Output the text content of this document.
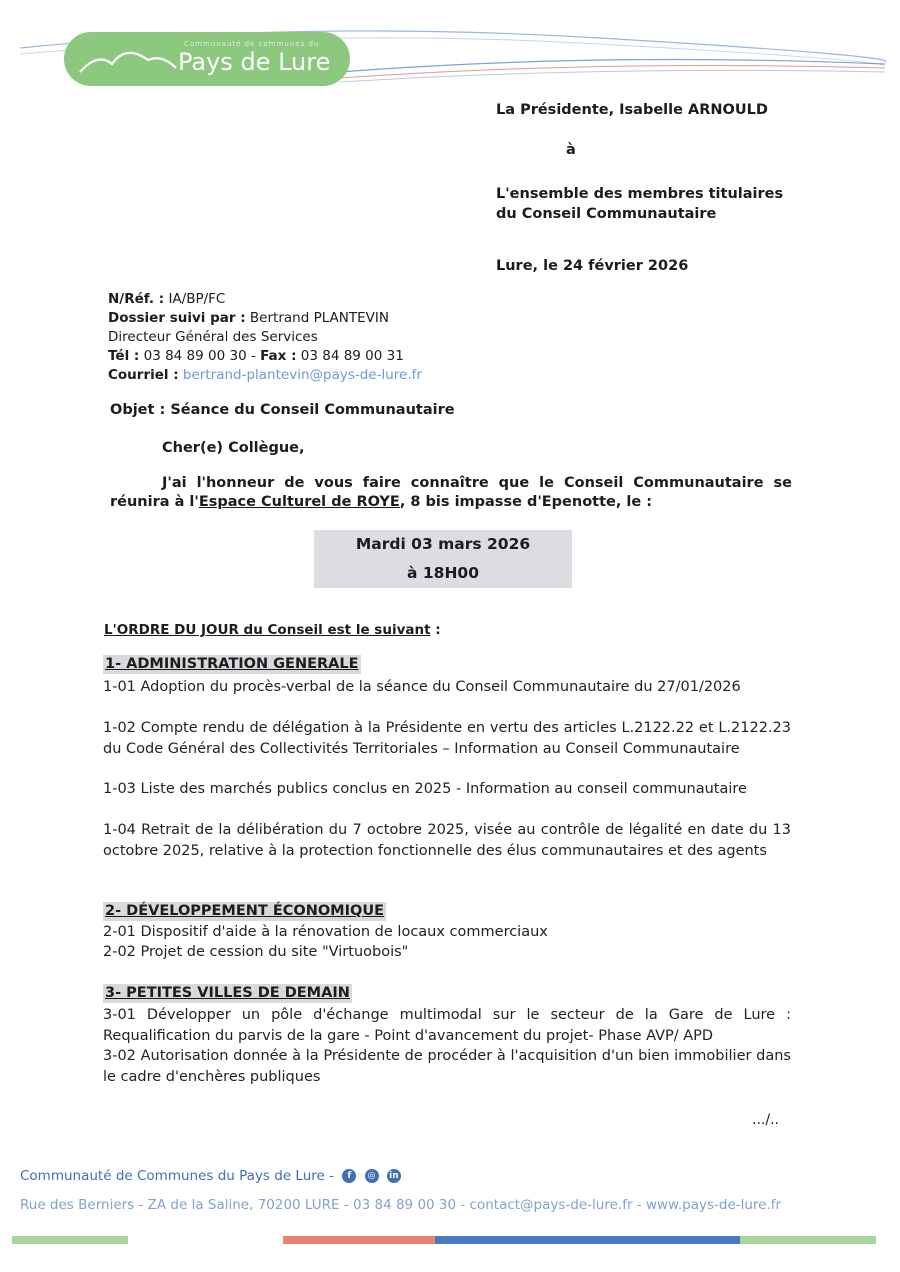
Communauté de communes du
Pays de Lure
La Présidente, Isabelle ARNOULD
à
L'ensemble des membres titulaires
du Conseil Communautaire
Lure, le 24 février 2026
N/Réf. : IA/BP/FC
Dossier suivi par : Bertrand PLANTEVIN
Directeur Général des Services
Tél : 03 84 89 00 30 - Fax : 03 84 89 00 31
Courriel : bertrand-plantevin@pays-de-lure.fr
Objet : Séance du Conseil Communautaire
Cher(e) Collègue,
J'ai l'honneur de vous faire connaître que le Conseil Communautaire se réunira à l'Espace Culturel de ROYE, 8 bis impasse d'Epenotte, le :
Mardi 03 mars 2026
à 18H00
L'ORDRE DU JOUR du Conseil est le suivant :
1- ADMINISTRATION GENERALE
1-01 Adoption du procès-verbal de la séance du Conseil Communautaire du 27/01/2026
1-02 Compte rendu de délégation à la Présidente en vertu des articles L.2122.22 et L.2122.23 du Code Général des Collectivités Territoriales – Information au Conseil Communautaire
1-03 Liste des marchés publics conclus en 2025 - Information au conseil communautaire
1-04 Retrait de la délibération du 7 octobre 2025, visée au contrôle de légalité en date du 13 octobre 2025, relative à la protection fonctionnelle des élus communautaires et des agents
2- DÉVELOPPEMENT ÉCONOMIQUE
2-01 Dispositif d'aide à la rénovation de locaux commerciaux
2-02 Projet de cession du site "Virtuobois"
3- PETITES VILLES DE DEMAIN
3-01 Développer un pôle d'échange multimodal sur le secteur de la Gare de Lure : Requalification du parvis de la gare - Point d'avancement du projet- Phase AVP/ APD
3-02 Autorisation donnée à la Présidente de procéder à l'acquisition d'un bien immobilier dans le cadre d'enchères publiques
.../..
Communauté de Communes du Pays de Lure - f ◎ in
Rue des Berniers - ZA de la Saline, 70200 LURE - 03 84 89 00 30 - contact@pays-de-lure.fr - www.pays-de-lure.fr
